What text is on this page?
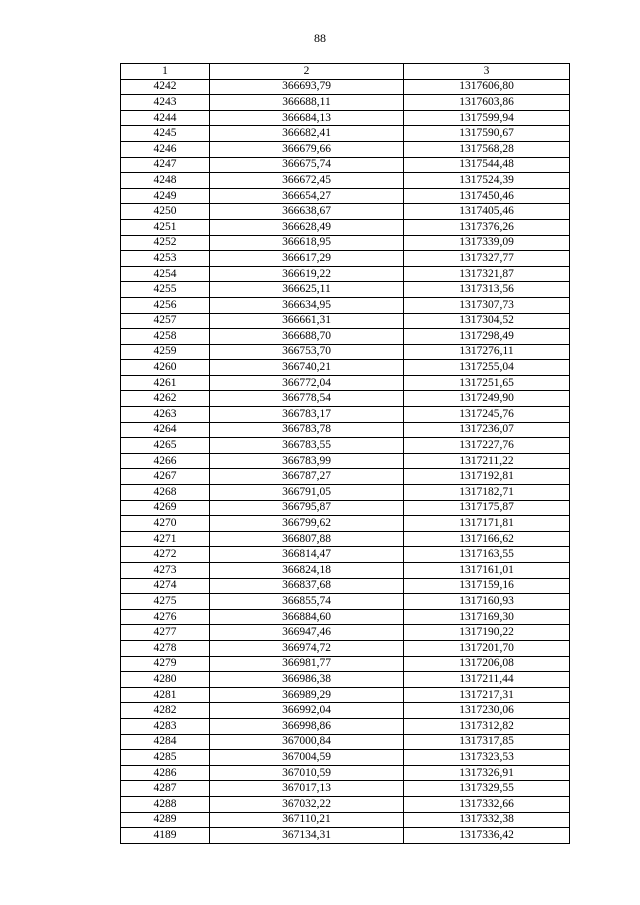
88
1	2	3
4242	366693,79	1317606,80
4243	366688,11	1317603,86
4244	366684,13	1317599,94
4245	366682,41	1317590,67
4246	366679,66	1317568,28
4247	366675,74	1317544,48
4248	366672,45	1317524,39
4249	366654,27	1317450,46
4250	366638,67	1317405,46
4251	366628,49	1317376,26
4252	366618,95	1317339,09
4253	366617,29	1317327,77
4254	366619,22	1317321,87
4255	366625,11	1317313,56
4256	366634,95	1317307,73
4257	366661,31	1317304,52
4258	366688,70	1317298,49
4259	366753,70	1317276,11
4260	366740,21	1317255,04
4261	366772,04	1317251,65
4262	366778,54	1317249,90
4263	366783,17	1317245,76
4264	366783,78	1317236,07
4265	366783,55	1317227,76
4266	366783,99	1317211,22
4267	366787,27	1317192,81
4268	366791,05	1317182,71
4269	366795,87	1317175,87
4270	366799,62	1317171,81
4271	366807,88	1317166,62
4272	366814,47	1317163,55
4273	366824,18	1317161,01
4274	366837,68	1317159,16
4275	366855,74	1317160,93
4276	366884,60	1317169,30
4277	366947,46	1317190,22
4278	366974,72	1317201,70
4279	366981,77	1317206,08
4280	366986,38	1317211,44
4281	366989,29	1317217,31
4282	366992,04	1317230,06
4283	366998,86	1317312,82
4284	367000,84	1317317,85
4285	367004,59	1317323,53
4286	367010,59	1317326,91
4287	367017,13	1317329,55
4288	367032,22	1317332,66
4289	367110,21	1317332,38
4189	367134,31	1317336,42
